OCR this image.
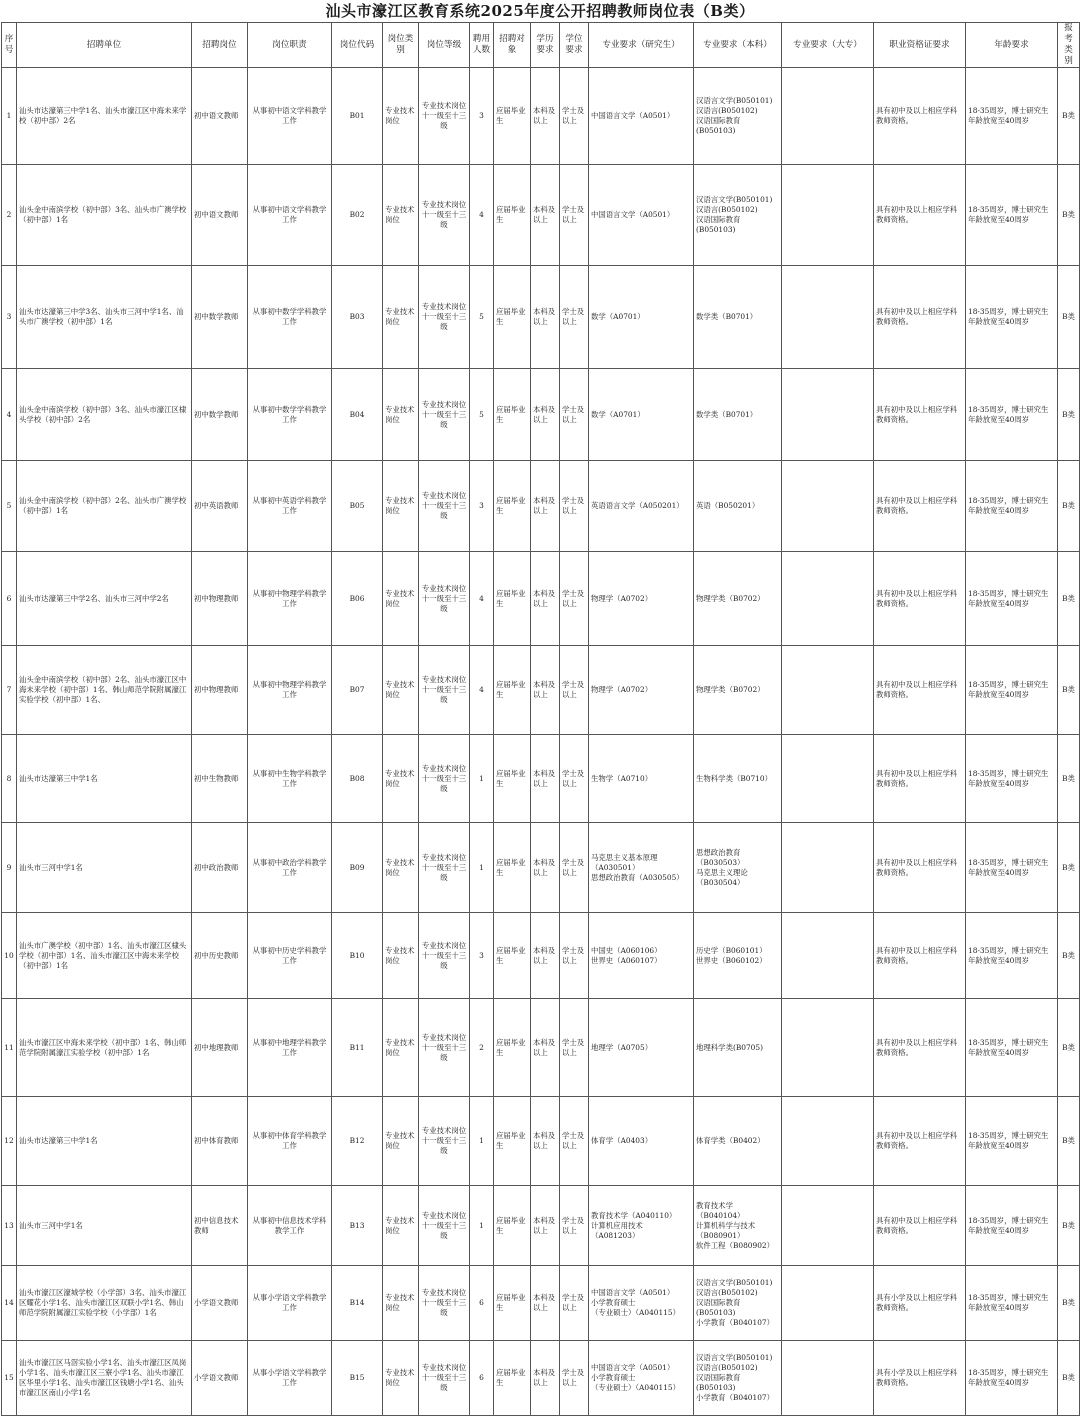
汕头市濠江区教育系统2025年度公开招聘教师岗位表（B类）
序号	招聘单位	招聘岗位	岗位职责	岗位代码	岗位类别	岗位等级	聘用人数	招聘对象	学历要求	学位要求	专业要求（研究生）	专业要求（本科）	专业要求（大专）	职业资格证要求	年龄要求	报考类别
1	汕头市达濠第三中学1名、汕头市濠江区中海未来学校（初中部）2名	初中语文教师	从事初中语文学科教学工作	B01	专业技术岗位	专业技术岗位十一级至十三级	3	应届毕业生	本科及以上	学士及以上	中国语言文学（A0501）	汉语言文学(B050101)
汉语言(B050102)
汉语国际教育
(B050103)		具有初中及以上相应学科教师资格。	18-35周岁，博士研究生年龄放宽至40周岁	B类
2	汕头金中南滨学校（初中部）3名、汕头市广澳学校（初中部）1名	初中语文教师	从事初中语文学科教学工作	B02	专业技术岗位	专业技术岗位十一级至十三级	4	应届毕业生	本科及以上	学士及以上	中国语言文学（A0501）	汉语言文学(B050101)
汉语言(B050102)
汉语国际教育
(B050103)		具有初中及以上相应学科教师资格。	18-35周岁，博士研究生年龄放宽至40周岁	B类
3	汕头市达濠第三中学3名、汕头市三河中学1名、汕头市广澳学校（初中部）1名	初中数学教师	从事初中数学学科教学工作	B03	专业技术岗位	专业技术岗位十一级至十三级	5	应届毕业生	本科及以上	学士及以上	数学（A0701）	数学类（B0701）		具有初中及以上相应学科教师资格。	18-35周岁，博士研究生年龄放宽至40周岁	B类
4	汕头金中南滨学校（初中部）3名、汕头市濠江区棣头学校（初中部）2名	初中数学教师	从事初中数学学科教学工作	B04	专业技术岗位	专业技术岗位十一级至十三级	5	应届毕业生	本科及以上	学士及以上	数学（A0701）	数学类（B0701）		具有初中及以上相应学科教师资格。	18-35周岁，博士研究生年龄放宽至40周岁	B类
5	汕头金中南滨学校（初中部）2名、汕头市广澳学校（初中部）1名	初中英语教师	从事初中英语学科教学工作	B05	专业技术岗位	专业技术岗位十一级至十三级	3	应届毕业生	本科及以上	学士及以上	英语语言文学（A050201）	英语（B050201）		具有初中及以上相应学科教师资格。	18-35周岁，博士研究生年龄放宽至40周岁	B类
6	汕头市达濠第三中学2名、汕头市三河中学2名	初中物理教师	从事初中物理学科教学工作	B06	专业技术岗位	专业技术岗位十一级至十三级	4	应届毕业生	本科及以上	学士及以上	物理学（A0702）	物理学类（B0702）		具有初中及以上相应学科教师资格。	18-35周岁，博士研究生年龄放宽至40周岁	B类
7	汕头金中南滨学校（初中部）2名、汕头市濠江区中海未来学校（初中部）1名、韩山师范学院附属濠江实验学校（初中部）1名、	初中物理教师	从事初中物理学科教学工作	B07	专业技术岗位	专业技术岗位十一级至十三级	4	应届毕业生	本科及以上	学士及以上	物理学（A0702）	物理学类（B0702）		具有初中及以上相应学科教师资格。	18-35周岁，博士研究生年龄放宽至40周岁	B类
8	汕头市达濠第三中学1名	初中生物教师	从事初中生物学科教学工作	B08	专业技术岗位	专业技术岗位十一级至十三级	1	应届毕业生	本科及以上	学士及以上	生物学（A0710）	生物科学类（B0710）		具有初中及以上相应学科教师资格。	18-35周岁，博士研究生年龄放宽至40周岁	B类
9	汕头市三河中学1名	初中政治教师	从事初中政治学科教学工作	B09	专业技术岗位	专业技术岗位十一级至十三级	1	应届毕业生	本科及以上	学士及以上	马克思主义基本原理
（A030501）
思想政治教育（A030505）	思想政治教育
（B030503）
马克思主义理论
（B030504）		具有初中及以上相应学科教师资格。	18-35周岁，博士研究生年龄放宽至40周岁	B类
10	汕头市广澳学校（初中部）1名、汕头市濠江区棣头学校（初中部）1名、汕头市濠江区中海未来学校（初中部）1名	初中历史教师	从事初中历史学科教学工作	B10	专业技术岗位	专业技术岗位十一级至十三级	3	应届毕业生	本科及以上	学士及以上	中国史（A060106）
世界史（A060107）	历史学（B060101）
世界史（B060102）		具有初中及以上相应学科教师资格。	18-35周岁，博士研究生年龄放宽至40周岁	B类
11	汕头市濠江区中海未来学校（初中部）1名、韩山师范学院附属濠江实验学校（初中部）1名	初中地理教师	从事初中地理学科教学工作	B11	专业技术岗位	专业技术岗位十一级至十三级	2	应届毕业生	本科及以上	学士及以上	地理学（A0705）	地理科学类(B0705)		具有初中及以上相应学科教师资格。	18-35周岁，博士研究生年龄放宽至40周岁	B类
12	汕头市达濠第三中学1名	初中体育教师	从事初中体育学科教学工作	B12	专业技术岗位	专业技术岗位十一级至十三级	1	应届毕业生	本科及以上	学士及以上	体育学（A0403）	体育学类（B0402）		具有初中及以上相应学科教师资格。	18-35周岁，博士研究生年龄放宽至40周岁	B类
13	汕头市三河中学1名	初中信息技术教师	从事初中信息技术学科教学工作	B13	专业技术岗位	专业技术岗位十一级至十三级	1	应届毕业生	本科及以上	学士及以上	教育技术学（A040110）
计算机应用技术
（A081203）	教育技术学
（B040104）
计算机科学与技术
（B080901）
软件工程（B080902）		具有初中及以上相应学科教师资格。	18-35周岁，博士研究生年龄放宽至40周岁	B类
14	汕头市濠江区濠城学校（小学部）3名、汕头市濠江区耀花小学1名、汕头市濠江区双联小学1名、韩山师范学院附属濠江实验学校（小学部）1名	小学语文教师	从事小学语文学科教学工作	B14	专业技术岗位	专业技术岗位十一级至十三级	6	应届毕业生	本科及以上	学士及以上	中国语言文学（A0501）
小学教育硕士
（专业硕士）（A040115）	汉语言文学(B050101)
汉语言(B050102)
汉语国际教育
(B050103)
小学教育（B040107）		具有小学及以上相应学科教师资格。	18-35周岁，博士研究生年龄放宽至40周岁	B类
15	汕头市濠江区马滘实验小学1名、汕头市濠江区凤岗小学1名、汕头市濠江区三寮小学1名、汕头市濠江区华里小学1名、汕头市濠江区钱塘小学1名、汕头市濠江区南山小学1名	小学语文教师	从事小学语文学科教学工作	B15	专业技术岗位	专业技术岗位十一级至十三级	6	应届毕业生	本科及以上	学士及以上	中国语言文学（A0501）
小学教育硕士
（专业硕士）（A040115）	汉语言文学(B050101)
汉语言(B050102)
汉语国际教育
(B050103)
小学教育（B040107）		具有小学及以上相应学科教师资格。	18-35周岁，博士研究生年龄放宽至40周岁	B类
